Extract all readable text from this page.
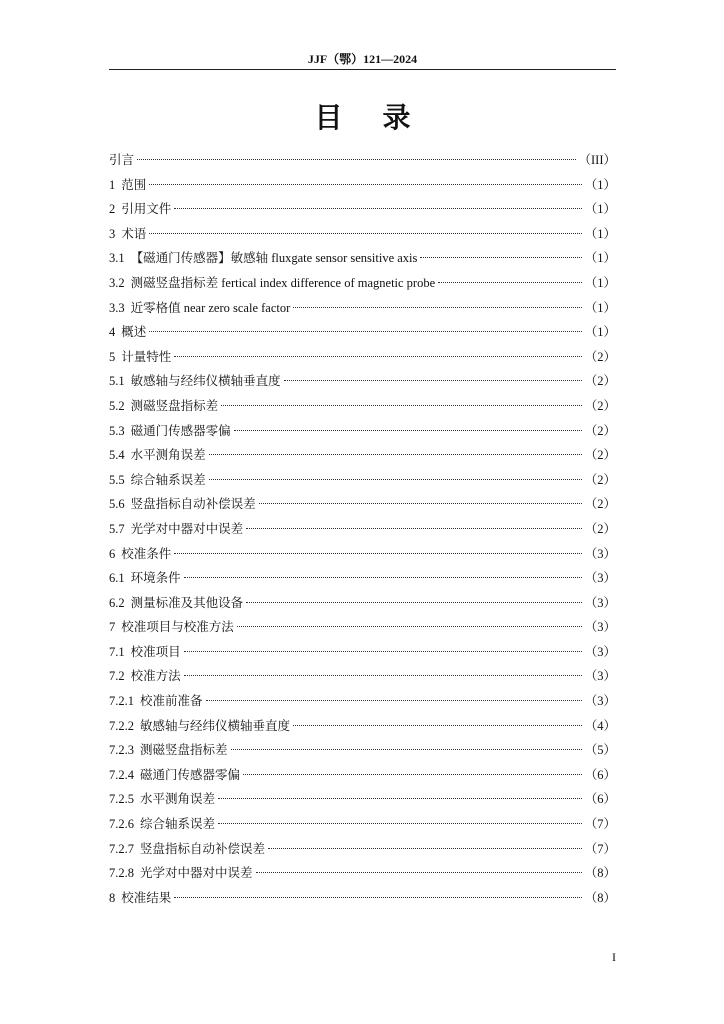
JJF（鄂）121—2024
目录
引言	（III）
1 范围	（1）
2 引用文件	（1）
3 术语	（1）
3.1 【磁通门传感器】敏感轴 fluxgate sensor sensitive axis	（1）
3.2 测磁竖盘指标差 fertical index difference of magnetic probe	（1）
3.3 近零格值 near zero scale factor	（1）
4 概述	（1）
5 计量特性	（2）
5.1 敏感轴与经纬仪横轴垂直度	（2）
5.2 测磁竖盘指标差	（2）
5.3 磁通门传感器零偏	（2）
5.4 水平测角误差	（2）
5.5 综合轴系误差	（2）
5.6 竖盘指标自动补偿误差	（2）
5.7 光学对中器对中误差	（2）
6 校准条件	（3）
6.1 环境条件	（3）
6.2 测量标准及其他设备	（3）
7 校准项目与校准方法	（3）
7.1 校准项目	（3）
7.2 校准方法	（3）
7.2.1 校准前准备	（3）
7.2.2 敏感轴与经纬仪横轴垂直度	（4）
7.2.3 测磁竖盘指标差	（5）
7.2.4 磁通门传感器零偏	（6）
7.2.5 水平测角误差	（6）
7.2.6 综合轴系误差	（7）
7.2.7 竖盘指标自动补偿误差	（7）
7.2.8 光学对中器对中误差	（8）
8 校准结果	（8）
I
